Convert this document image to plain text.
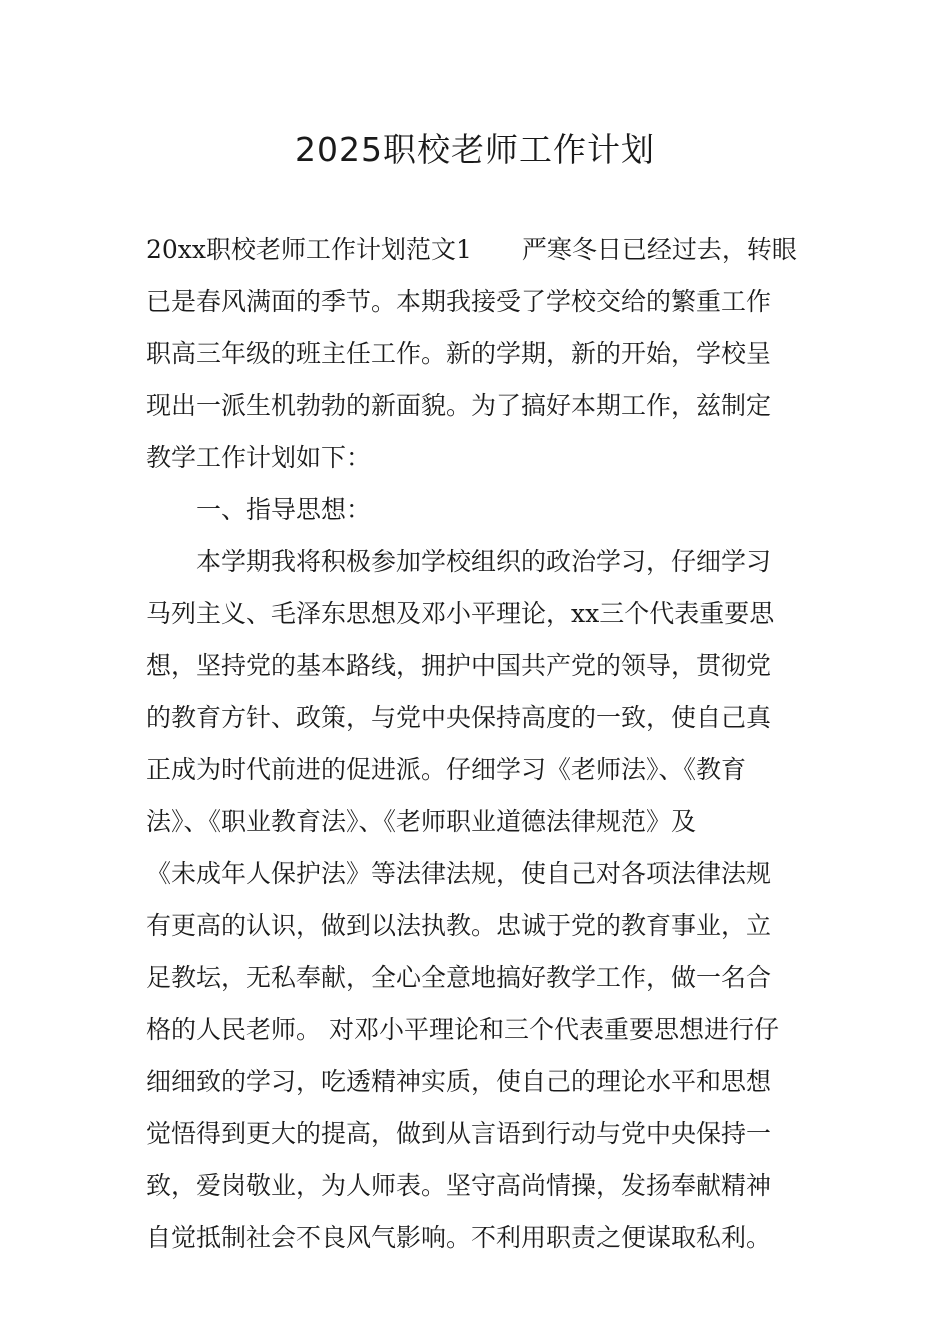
2025职校老师工作计划
20xx职校老师工作计划范文1　　严寒冬日已经过去，转眼
已是春风满面的季节。本期我接受了学校交给的繁重工作
职高三年级的班主任工作。新的学期，新的开始，学校呈
现出一派生机勃勃的新面貌。为了搞好本期工作，兹制定
教学工作计划如下：
一、指导思想：
本学期我将积极参加学校组织的政治学习，仔细学习
马列主义、毛泽东思想及邓小平理论，xx三个代表重要思
想，坚持党的基本路线，拥护中国共产党的领导，贯彻党
的教育方针、政策，与党中央保持高度的一致，使自己真
正成为时代前进的促进派。仔细学习《老师法》、《教育
法》、《职业教育法》、《老师职业道德法律规范》及
《未成年人保护法》等法律法规，使自己对各项法律法规
有更高的认识，做到以法执教。忠诚于党的教育事业，立
足教坛，无私奉献，全心全意地搞好教学工作，做一名合
格的人民老师。 对邓小平理论和三个代表重要思想进行仔
细细致的学习，吃透精神实质，使自己的理论水平和思想
觉悟得到更大的提高，做到从言语到行动与党中央保持一
致，爱岗敬业，为人师表。坚守高尚情操，发扬奉献精神
自觉抵制社会不良风气影响。不利用职责之便谋取私利。
